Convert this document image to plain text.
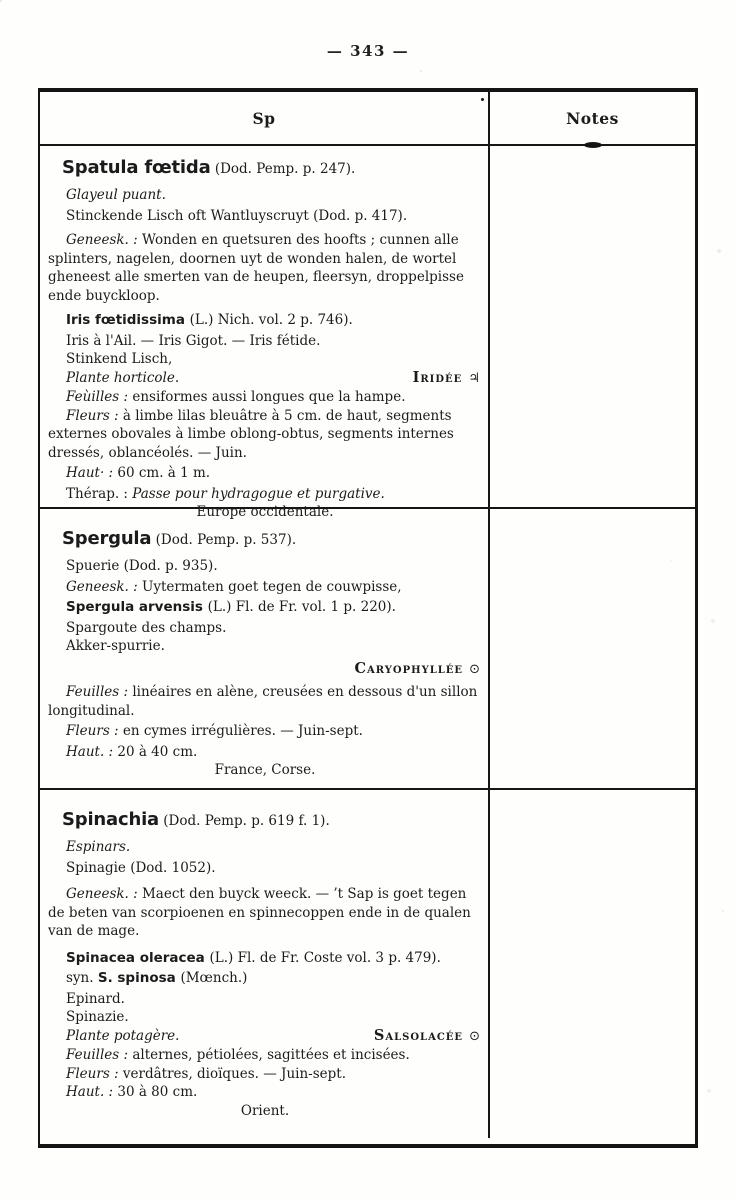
— 343 —
Sp	Notes
Spatula fœtida (Dod. Pemp. p. 247).
Glayeul puant.
Stinckende Lisch oft Wantluyscruyt (Dod. p. 417).
Geneesk. : Wonden en quetsuren des hoofts ; cunnen alle splinters, nagelen, doornen uyt de wonden halen, de wortel gheneest alle smerten van de heupen, fleersyn, droppelpisse ende buyckloop.
Iris fœtidissima (L.) Nich. vol. 2 p. 746).
Iris à l'Ail. — Iris Gigot. — Iris fétide.
Stinkend Lisch,
Plante horticole.	Iridée ♃
Feùilles : ensiformes aussi longues que la hampe.
Fleurs : à limbe lilas bleuâtre à 5 cm. de haut, segments externes obovales à limbe oblong-obtus, segments internes dressés, oblancéolés. — Juin.
Haut· : 60 cm. à 1 m.
Thérap. : Passe pour hydragogue et purgative.
Europe occidentale.
Spergula (Dod. Pemp. p. 537).
Spuerie (Dod. p. 935).
Geneesk. : Uytermaten goet tegen de couwpisse,
Spergula arvensis (L.) Fl. de Fr. vol. 1 p. 220).
Spargoute des champs.
Akker-spurrie.
Caryophyllée ⊙
Feuilles : linéaires en alène, creusées en dessous d'un sillon longitudinal.
Fleurs : en cymes irrégulières. — Juin-sept.
Haut. : 20 à 40 cm.
France, Corse.
Spinachia (Dod. Pemp. p. 619 f. 1).
Espinars.
Spinagie (Dod. 1052).
Geneesk. : Maect den buyck weeck. — ’t Sap is goet tegen de beten van scorpioenen en spinnecoppen ende in de qualen van de mage.
Spinacea oleracea (L.) Fl. de Fr. Coste vol. 3 p. 479).
syn. S. spinosa (Mœnch.)
Epinard.
Spinazie.
Plante potagère.	Salsolacée ⊙
Feuilles : alternes, pétiolées, sagittées et incisées.
Fleurs : verdâtres, dioïques. — Juin-sept.
Haut. : 30 à 80 cm.
Orient.
